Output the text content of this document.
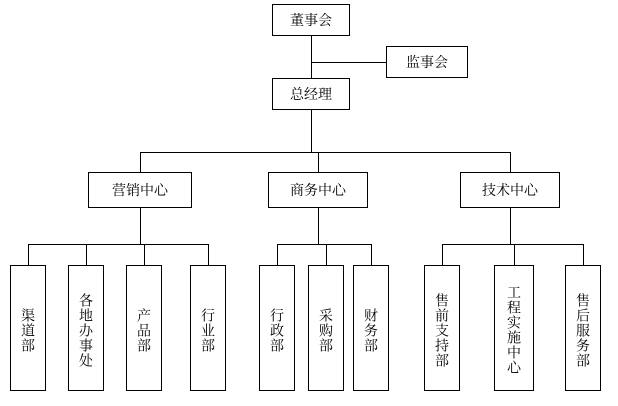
董事会
监事会
总经理
营销中心	商务中心	技术中心
渠道部	各地办事处	产品部	行业部	行政部 采购部 财务部	售前支持部	工程实施中心	售后服务部
